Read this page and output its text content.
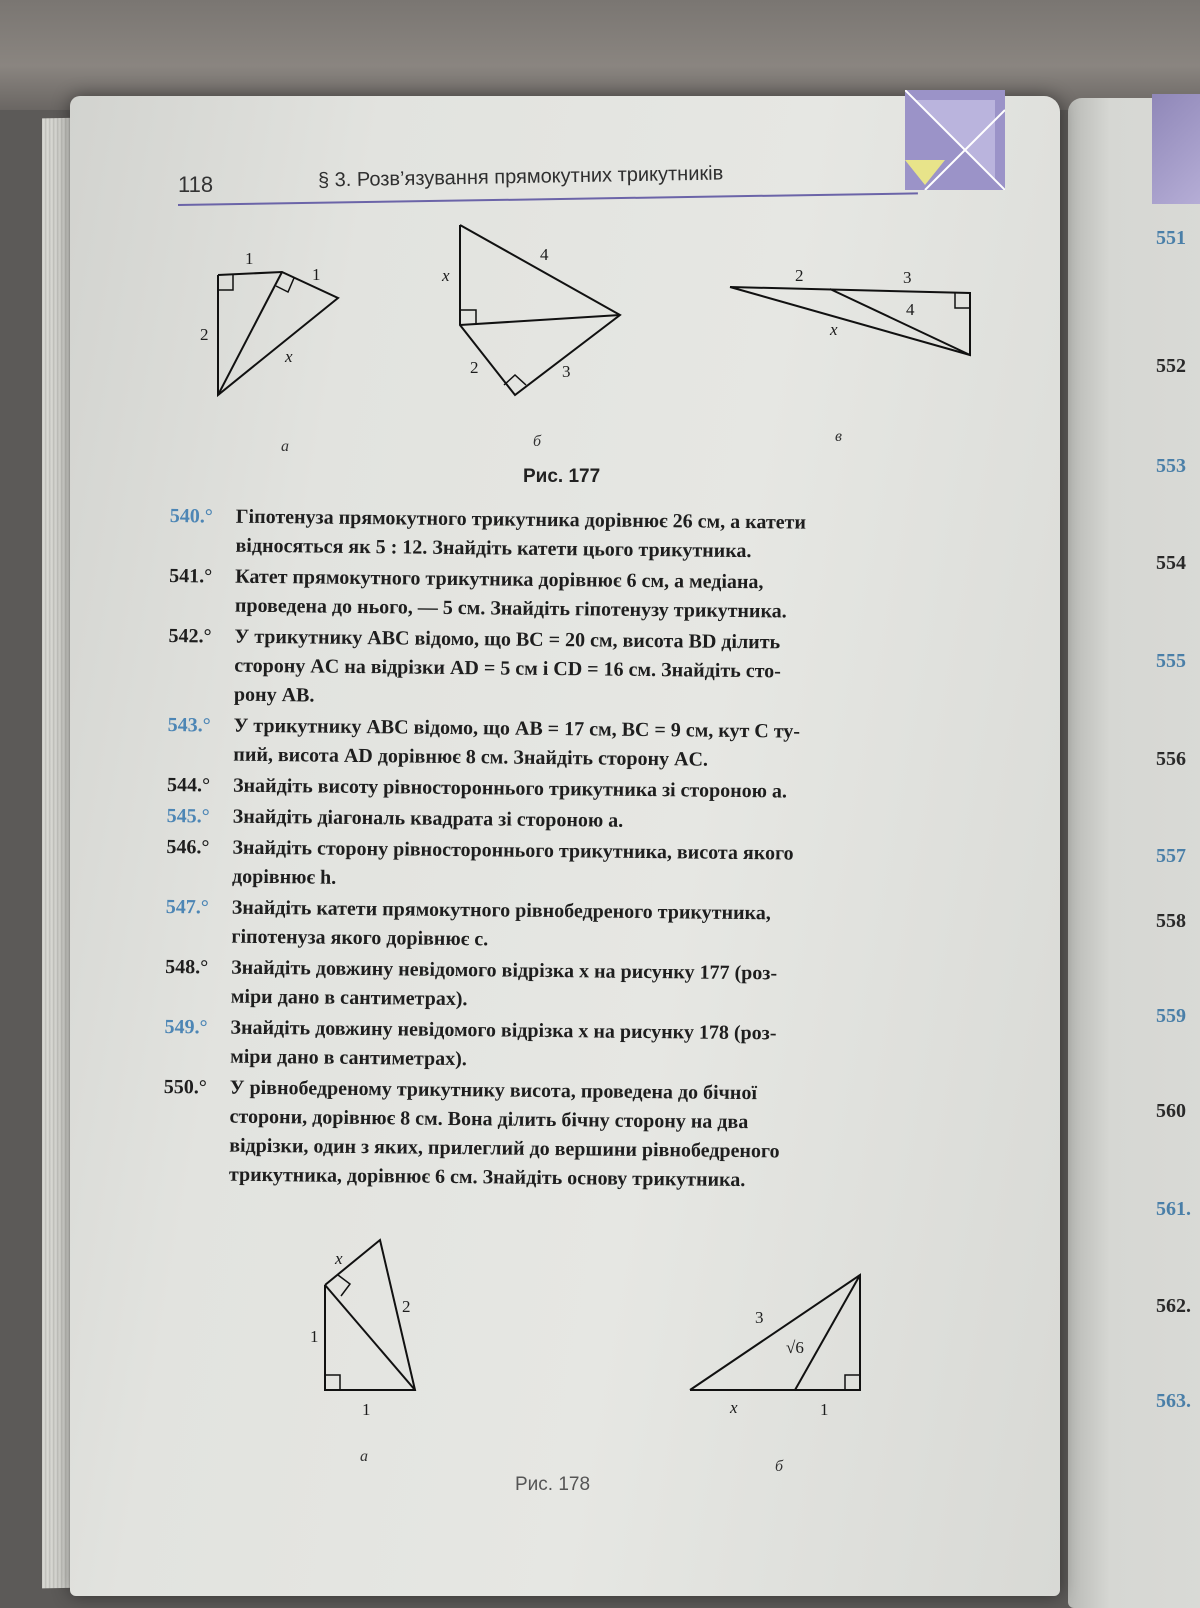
551
552
553
554
555
556
557
558
559
560
561.
562.
563.
118	§ 3. Розв’язування прямокутних трикутників
1
1
2
x
а
x
4
2	3
б
2	3
4
x
в
Рис. 177
540.°	Гіпотенуза прямокутного трикутника дорівнює 26 см, а катети
відносяться як 5 : 12. Знайдіть катети цього трикутника.
541.°	Катет прямокутного трикутника дорівнює 6 см, а медіана,
проведена до нього, — 5 см. Знайдіть гіпотенузу трикутника.
542.°	У трикутнику ABC відомо, що BC = 20 см, висота BD ділить
сторону AC на відрізки AD = 5 см і CD = 16 см. Знайдіть сто-
рону AB.
543.°	У трикутнику ABC відомо, що AB = 17 см, BC = 9 см, кут C ту-
пий, висота AD дорівнює 8 см. Знайдіть сторону AC.
544.°	Знайдіть висоту рівностороннього трикутника зі стороною a.
545.°	Знайдіть діагональ квадрата зі стороною a.
546.°	Знайдіть сторону рівностороннього трикутника, висота якого
дорівнює h.
547.°	Знайдіть катети прямокутного рівнобедреного трикутника,
гіпотенуза якого дорівнює c.
548.°	Знайдіть довжину невідомого відрізка x на рисунку 177 (роз-
міри дано в сантиметрах).
549.°	Знайдіть довжину невідомого відрізка x на рисунку 178 (роз-
міри дано в сантиметрах).
550.°	У рівнобедреному трикутнику висота, проведена до бічної
сторони, дорівнює 8 см. Вона ділить бічну сторону на два
відрізки, один з яких, прилеглий до вершини рівнобедреного
трикутника, дорівнює 6 см. Знайдіть основу трикутника.
x
2
1
1
а
3
√6
x	1
б
Рис. 178
